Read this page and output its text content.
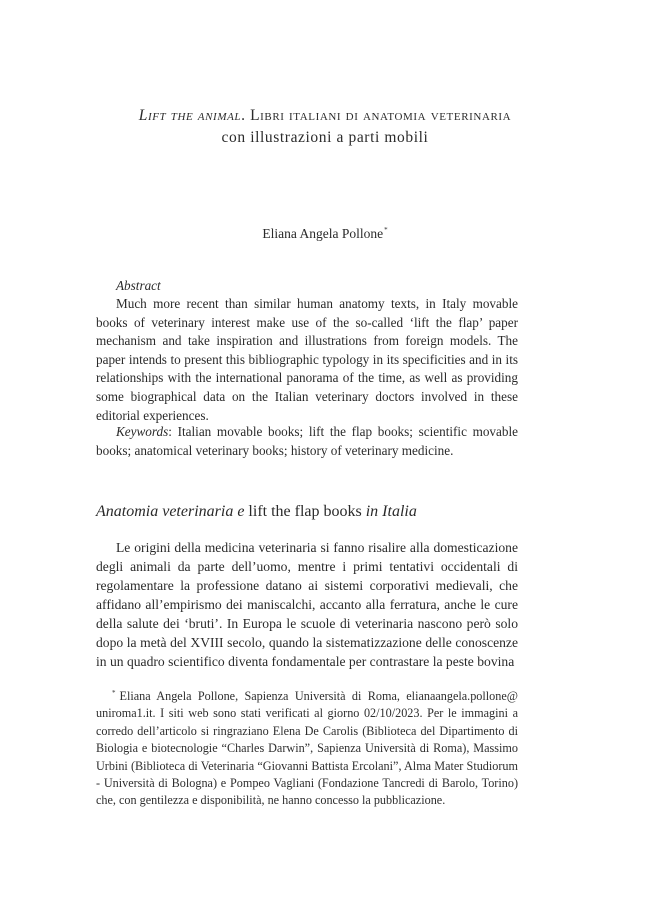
Lift the animal. Libri italiani di anatomia veterinaria
con illustrazioni a parti mobili
Eliana Angela Pollone*
Abstract
Much more recent than similar human anatomy texts, in Italy movable books of veterinary interest make use of the so-called ‘lift the flap’ paper mechanism and take inspiration and illustrations from foreign models. The paper intends to present this bibliographic typology in its specificities and in its relationships with the international panorama of the time, as well as providing some biographical data on the Italian veterinary doctors involved in these editorial experiences.
Keywords: Italian movable books; lift the flap books; scientific movable books; anatomical veterinary books; history of veterinary medicine.
Anatomia veterinaria e lift the flap books in Italia
Le origini della medicina veterinaria si fanno risalire alla domesticazione degli animali da parte dell’uomo, mentre i primi tentativi occidentali di regolamentare la professione datano ai sistemi corporativi medievali, che affidano all’empirismo dei maniscalchi, accanto alla ferratura, anche le cure della salute dei ‘bruti’. In Europa le scuole di veterinaria nascono però solo dopo la metà del XVIII secolo, quando la sistematizzazione delle conoscenze in un quadro scientifico diventa fondamentale per contrastare la peste bovina
* Eliana Angela Pollone, Sapienza Università di Roma, elianaangela.pollone@ uniroma1.it. I siti web sono stati verificati al giorno 02/10/2023. Per le immagini a corredo dell’articolo si ringraziano Elena De Carolis (Biblioteca del Dipartimento di Biologia e biotecnologie “Charles Darwin”, Sapienza Università di Roma), Massimo Urbini (Biblioteca di Veterinaria “Giovanni Battista Ercolani”, Alma Mater Studiorum - Università di Bologna) e Pompeo Vagliani (Fondazione Tancredi di Barolo, Torino) che, con gentilezza e disponibilità, ne hanno concesso la pubblicazione.
